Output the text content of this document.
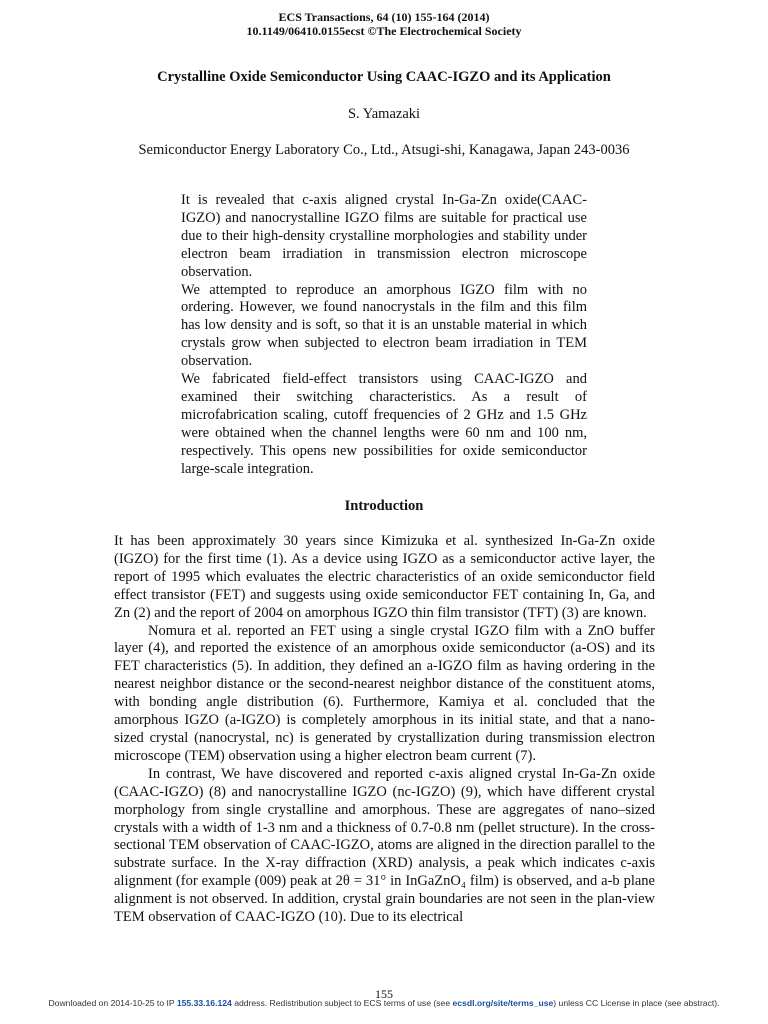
ECS Transactions, 64 (10) 155-164 (2014)
10.1149/06410.0155ecst ©The Electrochemical Society
Crystalline Oxide Semiconductor Using CAAC-IGZO and its Application
S. Yamazaki
Semiconductor Energy Laboratory Co., Ltd., Atsugi-shi, Kanagawa, Japan 243-0036

It is revealed that c-axis aligned crystal In-Ga-Zn oxide(CAAC-IGZO) and nanocrystalline IGZO films are suitable for practical use due to their high-density crystalline morphologies and stability under electron beam irradiation in transmission electron microscope observation.

We attempted to reproduce an amorphous IGZO film with no ordering. However, we found nanocrystals in the film and this film has low density and is soft, so that it is an unstable material in which crystals grow when subjected to electron beam irradiation in TEM observation.

We fabricated field-effect transistors using CAAC-IGZO and examined their switching characteristics. As a result of microfabrication scaling, cutoff frequencies of 2 GHz and 1.5 GHz were obtained when the channel lengths were 60 nm and 100 nm, respectively. This opens new possibilities for oxide semiconductor large-scale integration.

Introduction

It has been approximately 30 years since Kimizuka et al. synthesized In-Ga-Zn oxide (IGZO) for the first time (1). As a device using IGZO as a semiconductor active layer, the report of 1995 which evaluates the electric characteristics of an oxide semiconductor field effect transistor (FET) and suggests using oxide semiconductor FET containing In, Ga, and Zn (2) and the report of 2004 on amorphous IGZO thin film transistor (TFT) (3) are known.

Nomura et al. reported an FET using a single crystal IGZO film with a ZnO buffer layer (4), and reported the existence of an amorphous oxide semiconductor (a-OS) and its FET characteristics (5). In addition, they defined an a-IGZO film as having ordering in the nearest neighbor distance or the second-nearest neighbor distance of the constituent atoms, with bonding angle distribution (6). Furthermore, Kamiya et al. concluded that the amorphous IGZO (a-IGZO) is completely amorphous in its initial state, and that a nano-sized crystal (nanocrystal, nc) is generated by crystallization during transmission electron microscope (TEM) observation using a higher electron beam current (7).

In contrast, We have discovered and reported c-axis aligned crystal In-Ga-Zn oxide (CAAC-IGZO) (8) and nanocrystalline IGZO (nc-IGZO) (9), which have different crystal morphology from single crystalline and amorphous. These are aggregates of nano–sized crystals with a width of 1-3 nm and a thickness of 0.7-0.8 nm (pellet structure). In the cross-sectional TEM observation of CAAC-IGZO, atoms are aligned in the direction parallel to the substrate surface. In the X-ray diffraction (XRD) analysis, a peak which indicates c-axis alignment (for example (009) peak at 2θ = 31° in InGaZnO₄ film) is observed, and a-b plane alignment is not observed. In addition, crystal grain boundaries are not seen in the plan-view TEM observation of CAAC-IGZO (10). Due to its electrical

155
Downloaded on 2014-10-25 to IP 155.33.16.124 address. Redistribution subject to ECS terms of use (see ecsdl.org/site/terms_use) unless CC License in place (see abstract).
